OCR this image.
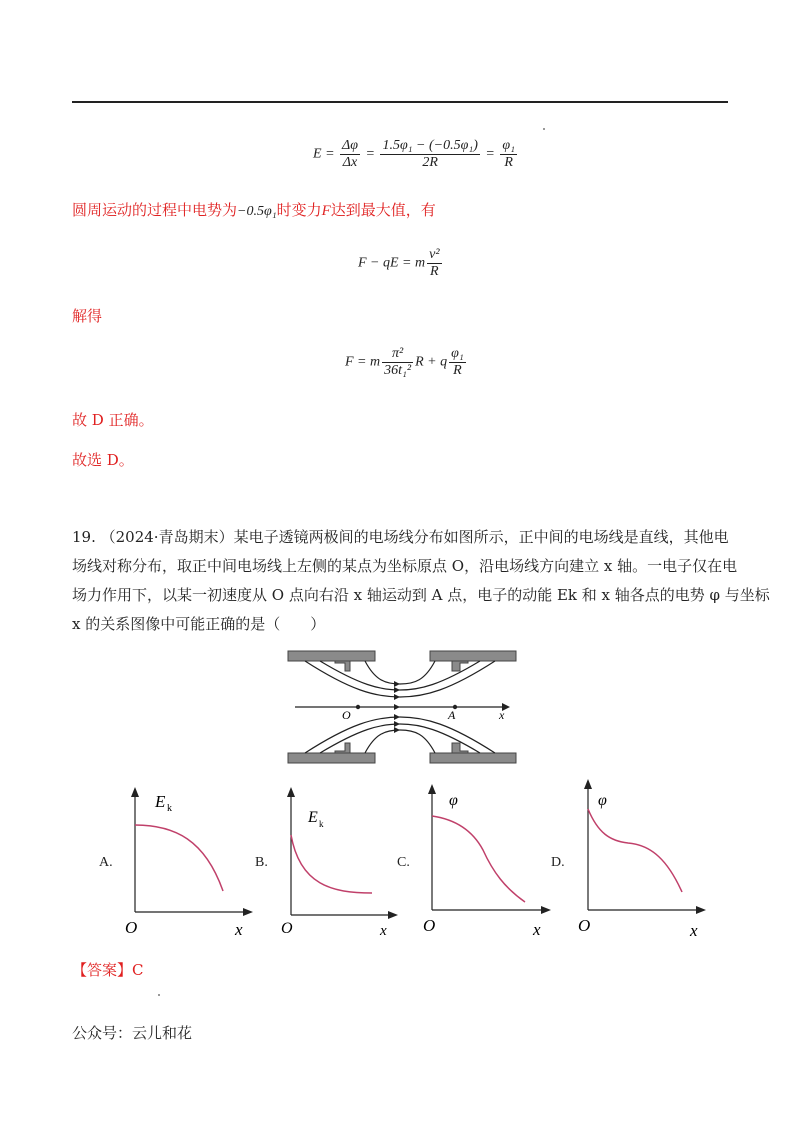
$E = \frac{\Delta\varphi}{\Delta x} = \frac{\text{1.5φ₁ − (−0.5φ₁)}}{2R} = \frac{\text{φ₁}}{R}$
圆周运动的过程中电势为−0.5φ₁时变力F达到最大值，有
F − qE = m $\frac{\text{v²}}{R}$
解得
F = m $\frac{\text{π²}}{\text{36t₁²}}$ R + q $\frac{\text{φ₁}}{R}$
故 D 正确。
故选 D。
19. （2024·青岛期末）某电子透镜两极间的电场线分布如图所示，正中间的电场线是直线，其他电
场线对称分布，取正中间电场线上左侧的某点为坐标原点 O，沿电场线方向建立 x 轴。一电子仅在电
场力作用下，以某一初速度从 O 点向右沿 x 轴运动到 A 点，电子的动能 Ek 和 x 轴各点的电势 φ 与坐标
x 的关系图像中可能正确的是（　　）
O	A	x
A.
E k
O	x
B.
E k
O	x
C.
φ
O	x
D.
φ
O	x
【答案】C
公众号：云儿和花
